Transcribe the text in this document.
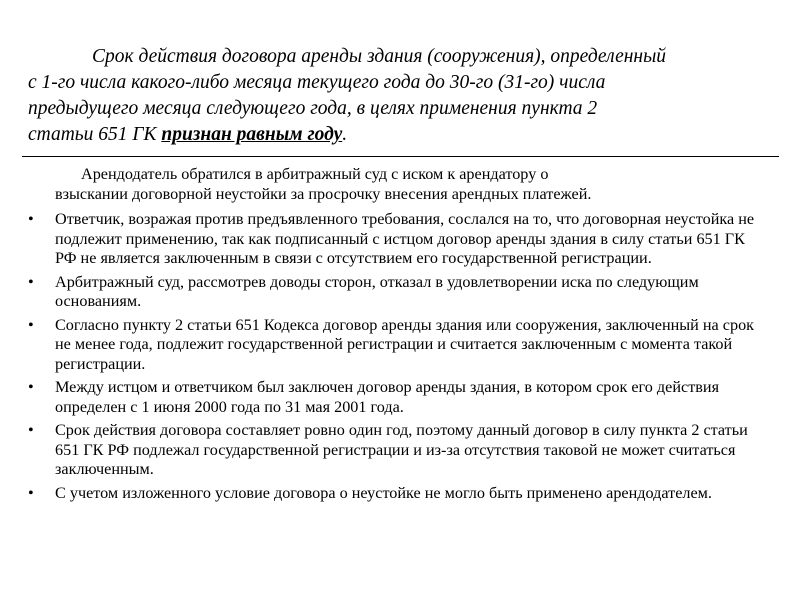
Срок действия договора аренды здания (сооружения), определенный
с 1-го числа какого-либо месяца текущего года до 30-го (31-го) числа
предыдущего месяца следующего года, в целях применения пункта 2
статьи 651 ГК признан равным году.

Арендодатель обратился в арбитражный суд с иском к арендатору о
взыскании договорной неустойки за просрочку внесения арендных платежей.

•	Ответчик, возражая против предъявленного требования, сослался на то, что договорная неустойка не подлежит применению, так как подписанный с истцом договор аренды здания в силу статьи 651 ГК РФ не является заключенным в связи с отсутствием его государственной регистрации.
•	Арбитражный суд, рассмотрев доводы сторон, отказал в удовлетворении иска по следующим основаниям.
•	Согласно пункту 2 статьи 651 Кодекса договор аренды здания или сооружения, заключенный на срок не менее года, подлежит государственной регистрации и считается заключенным с момента такой регистрации.
•	Между истцом и ответчиком был заключен договор аренды здания, в котором срок его действия определен с 1 июня 2000 года по 31 мая 2001 года.
•	Срок действия договора составляет ровно один год, поэтому данный договор в силу пункта 2 статьи 651 ГК РФ подлежал государственной регистрации и из-за отсутствия таковой не может считаться заключенным.
•	С учетом изложенного условие договора о неустойке не могло быть применено арендодателем.
